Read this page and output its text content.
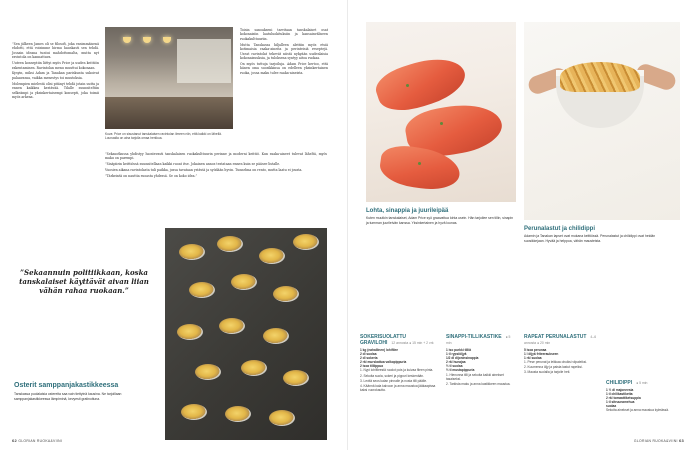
”Sen jälkeen James oli se filosofi, joka ensimmäisenä ehdotti, että voisimme hirmu hauskasti sen tehdä. Jossain ideana tuntui mahdottomalta, mutta nyt ravintola on kannattava.

Uuteen konseptiin liittyi myös Price ja uuden keittiön rakentaminen. Ravintolan menu muuttui kokonaan.

Kysyin, miksi Adam ja Tanakan pariskunta uskoivat palaavansa, vaikka menestys toi muutoksia.

Molempien mielestä olisi pitänyt tehdä jotain uutta ja ennen kaikkea kestävää. Tilalle suunniteltiin selkeämpi ja yksinkertaisempi konsepti, joka toimii myös arkena.

Kuva: Price on sisustanut tanskalaisen ravintolan ilmeen niin, että kaikki on lähellä. Lounaalla on aina tarjolla omaa herkkua.

Toisin sanoakseni tarvitaan tanskalaiset osat kokonaisiin laatuluokituksiin ja kansainväliseen ruokakulttuuriin.

Mutta Tanskassa hiljalleen alettiin myös etsiä kotimaisia raaka-aineita ja perinteisiä reseptejä. Useat ravintolat tekevät niistä nykyään uudenlaisia kokonaisuuksia, ja tuloksena syntyy aitoa ruokaa.

On myös tuttuja tarjoiluja. Adam Price kertoo, että hänen oma suosikkinsa on edelleen yksinkertainen ruoka, jossa maku tulee raaka-aineista.

”Sekasotkussa yhdistyy luontevasti tanskalaisen ruokakulttuurin perinne ja moderni keittiö. Kun raaka-aineet tulevat läheltä, myös maku on parempi.

”Sisäpiirin keittiössä suunnitellaan kaikki ruoat itse. Jokainen annos testataan ennen kuin se pääsee listalle.

Vuosien aikana ravintolasta tuli paikka, jossa tavataan ystäviä ja syödään hyvin. Tunnelma on rento, mutta laatu ei jousta.

”Tärkeintä on nauttia ruoasta yhdessä. Se on koko idea.”

”Sekaannuin politiikkaan, koska tanskalaiset käyttävät aivan liian vähän rahaa ruokaan.”
Osterit samppanjakastikkeessa
Tanskassa puolalaisia ostereita saa vain tiettyinä kausina. Ne tarjoillaan samppanjakastikkeessa lämpiminä, kevyesti gratinoituna.
62 GLORIAN RUOKA&VIINI
Lohta, sinappia ja juurileipää
Kuten muutkin tanskalaiset, Adam Price syö graavattua lohta usein. Hän tarjoilee sen tillin, sinapin ja tumman juurileivän kanssa. Yksinkertainen ja hyvä lounas.
Perunalastut ja chilidippi
Adamin ja Tanakan lapset ovat mukana keittiössä. Perunalastut ja chilidippi ovat heidän suosikkejaan. Hyvää ja helppoa, vähän mausteista.
SOKERISUOLATTU GRAVILOHI 12 annosta ● 15 min + 2 vrk
1 kg (nahallinen) lohifilee
2 dl suolaa
2 dl sokeria
2 rkl murskattua valkopippuria
2 isoa tilliippua
1. Nypi lohifileestä ruodot pois ja kuivaa fileen pinta.
2. Sekoita suola, sokeri ja pippuri keskenään.
3. Levitä seos kalan pinnalle ja nosta tilli päälle.
4. Käännä kala kalvoon ja anna maustua jääkaapissa kaksi vuorokautta.
SINAPPI-TILLIKASTIKE ● 5 min
1 iso purkki tilliä
1 tl rypsiöljyä
1/2 dl dijoninsinappia
2 rkl hunajaa
½ tl suolaa
½ tl mustapippuria
1. Hienonna tilli ja sekoita kaikki ainekset tasaiseksi.
2. Tarkista maku ja anna kastikkeen maustua.
RAPEAT PERUNALASTUT 4–6 annosta ● 20 min
5 isoa perunaa
1 l öljyä friteeraukseen
1 rkl suolaa
1. Pese perunat ja leikkaa ohuiksi viipaleiksi.
2. Kuumenna öljy ja paista lastut rapeiksi.
3. Mausta suolalla ja tarjoile heti.
CHILIDIPPI ● 5 min
1 ½ dl majoneesia
1 tl chilikastiketta
2 rkl tomaattiketsuppia
1 tl sitruunamehua
suolaa
Sekoita ainekset ja anna maustua kylmässä.
GLORIAN RUOKA&VIINI 63
